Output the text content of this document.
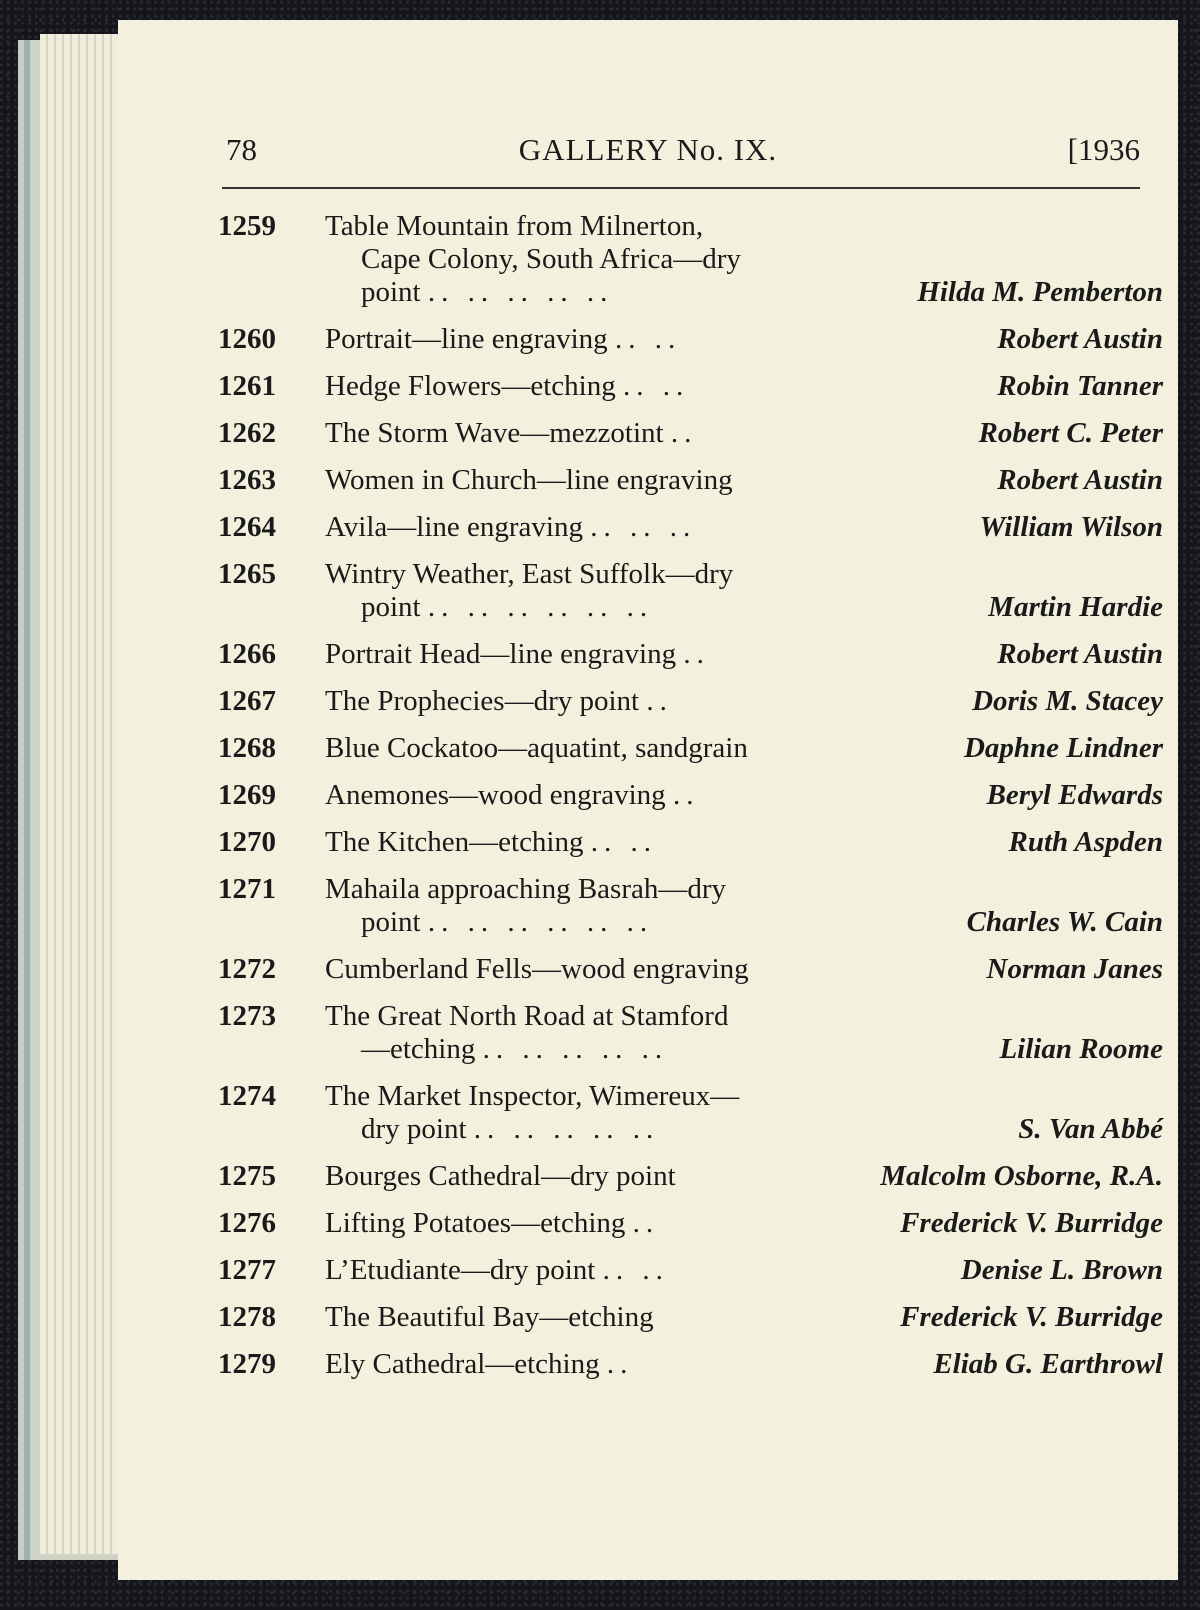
78	GALLERY No. IX.	[1936
1259	Table Mountain from Milnerton,
Cape Colony, South Africa—dry
point .. .. .. .. ..	Hilda M. Pemberton
1260	Portrait—line engraving .. ..	Robert Austin
1261	Hedge Flowers—etching .. ..	Robin Tanner
1262	The Storm Wave—mezzotint ..	Robert C. Peter
1263	Women in Church—line engraving	Robert Austin
1264	Avila—line engraving .. .. ..	William Wilson
1265	Wintry Weather, East Suffolk—dry
point .. .. .. .. .. ..	Martin Hardie
1266	Portrait Head—line engraving ..	Robert Austin
1267	The Prophecies—dry point ..	Doris M. Stacey
1268	Blue Cockatoo—aquatint, sandgrain	Daphne Lindner
1269	Anemones—wood engraving ..	Beryl Edwards
1270	The Kitchen—etching .. ..	Ruth Aspden
1271	Mahaila approaching Basrah—dry
point .. .. .. .. .. ..	Charles W. Cain
1272	Cumberland Fells—wood engraving	Norman Janes
1273	The Great North Road at Stamford
—etching .. .. .. .. ..	Lilian Roome
1274	The Market Inspector, Wimereux—
dry point .. .. .. .. ..	S. Van Abbé
1275	Bourges Cathedral—dry point	Malcolm Osborne, R.A.
1276	Lifting Potatoes—etching ..	Frederick V. Burridge
1277	L’Etudiante—dry point .. ..	Denise L. Brown
1278	The Beautiful Bay—etching	Frederick V. Burridge
1279	Ely Cathedral—etching ..	Eliab G. Earthrowl
